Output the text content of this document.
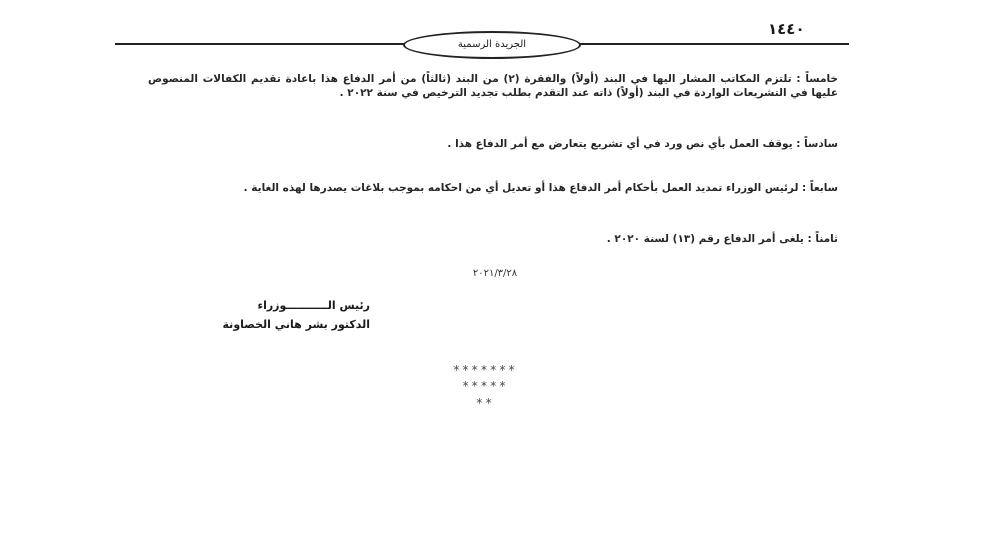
١٤٤٠
الجريدة الرسمية
خامساً : تلتزم المكاتب المشار اليها في البند (أولاً) والفقرة (٢) من البند (ثالثاً) من أمر الدفاع هذا باعادة تقديم الكفالات المنصوص عليها في التشريعات الواردة في البند (أولاً) ذاته عند التقدم بطلب تجديد الترخيص في سنة ٢٠٢٢ .
سادساً : يوقف العمل بأي نص ورد في أي تشريع يتعارض مع أمر الدفاع هذا .
سابعاً : لرئيس الوزراء تمديد العمل بأحكام أمر الدفاع هذا أو تعديل أي من احكامه بموجب بلاغات يصدرها لهذه الغاية .
ثامناً : يلغى أمر الدفاع رقم (١٣) لسنة ٢٠٢٠ .
٢٠٢١/٣/٢٨
رئيس الـــــــــــوزراء
الدكتور بشر هاني الخصاونة
*******
*****
**
